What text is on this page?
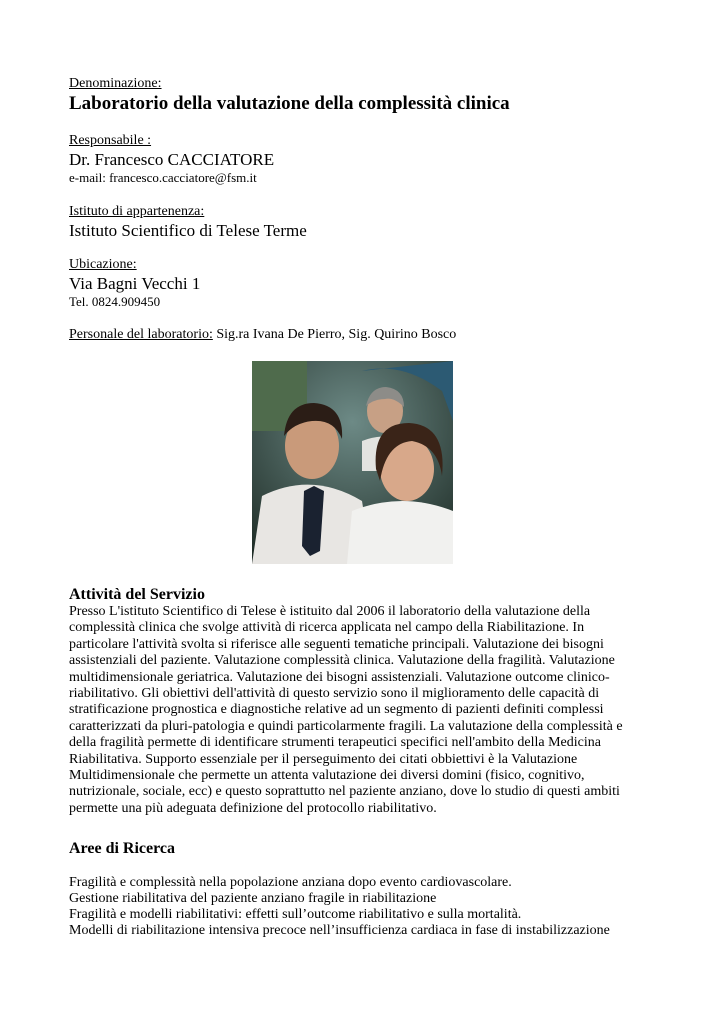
Denominazione:
Laboratorio della valutazione della complessità clinica
Responsabile :
Dr. Francesco CACCIATORE
e-mail: francesco.cacciatore@fsm.it
Istituto di appartenenza:
Istituto Scientifico di Telese Terme
Ubicazione:
Via Bagni Vecchi 1
Tel. 0824.909450
Personale del laboratorio: Sig.ra Ivana De Pierro, Sig. Quirino Bosco
Attività del Servizio
Presso L'istituto Scientifico di Telese è istituito dal 2006 il laboratorio della valutazione della
complessità clinica che svolge attività di ricerca applicata nel campo della Riabilitazione. In
particolare l'attività svolta si riferisce alle seguenti tematiche principali. Valutazione dei bisogni
assistenziali del paziente. Valutazione complessità clinica. Valutazione della fragilità. Valutazione
multidimensionale geriatrica. Valutazione dei bisogni assistenziali. Valutazione outcome clinico-
riabilitativo. Gli obiettivi dell'attività di questo servizio sono il miglioramento delle capacità di
stratificazione prognostica e diagnostiche relative ad un segmento di pazienti definiti complessi
caratterizzati da pluri-patologia e quindi particolarmente fragili. La valutazione della complessità e
della fragilità permette di identificare strumenti terapeutici specifici nell'ambito della Medicina
Riabilitativa. Supporto essenziale per il perseguimento dei citati obbiettivi è la Valutazione
Multidimensionale che permette un attenta valutazione dei diversi domini (fisico, cognitivo,
nutrizionale, sociale, ecc) e questo soprattutto nel paziente anziano, dove lo studio di questi ambiti
permette una più adeguata definizione del protocollo riabilitativo.
Aree di Ricerca
Fragilità e complessità nella popolazione anziana dopo evento cardiovascolare.
Gestione riabilitativa del paziente anziano fragile in riabilitazione
Fragilità e modelli riabilitativi: effetti sull’outcome riabilitativo e sulla mortalità.
Modelli di riabilitazione intensiva precoce nell’insufficienza cardiaca in fase di instabilizzazione
